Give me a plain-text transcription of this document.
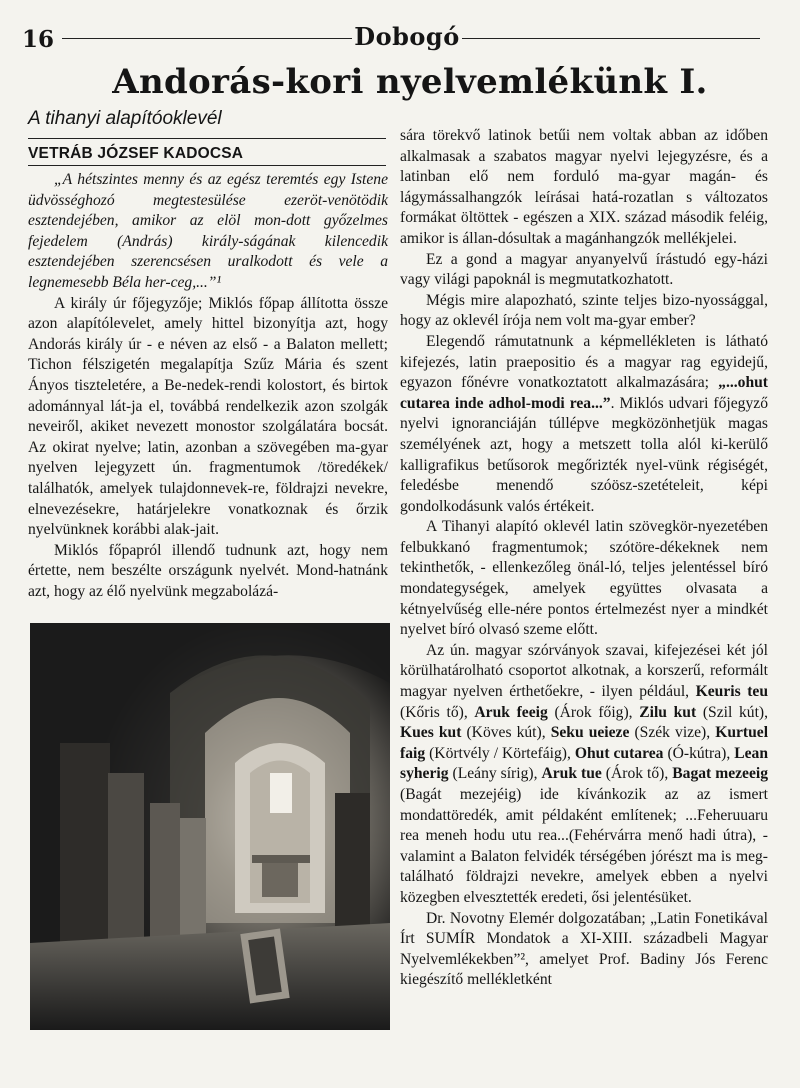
16	Dobogó
Andorás-kori nyelvemlékünk I.
A tihanyi alapítóoklevél
VETRÁB JÓZSEF KADOCSA

„A hétszintes menny és az egész teremtés egy Istene üdvösséghozó megtestesülése ezeröt-venötödik esztendejében, amikor az elöl mon-dott győzelmes fejedelem (András) király-ságának kilencedik esztendejében szerencsésen uralkodott és vele a legnemesebb Béla her-ceg,...”¹

A király úr főjegyzője; Miklós főpap állította össze azon alapítólevelet, amely hittel bizonyítja azt, hogy Andorás király úr - e néven az első - a Balaton mellett; Tichon félszigetén megalapítja Szűz Mária és szent Ányos tiszteletére, a Be-nedek-rendi kolostort, és birtok adománnyal lát-ja el, továbbá rendelkezik azon szolgák neveiről, akiket nevezett monostor szolgálatára bocsát. Az okirat nyelve; latin, azonban a szövegében ma-gyar nyelven lejegyzett ún. fragmentumok /töredékek/ találhatók, amelyek tulajdonnevek-re, földrajzi nevekre, elnevezésekre, határjelekre vonatkoznak és őrzik nyelvünknek korábbi alak-jait.

Miklós főpapról illendő tudnunk azt, hogy nem értette, nem beszélte országunk nyelvét. Mond-hatnánk azt, hogy az élő nyelvünk megzabolázá-

sára törekvő latinok betűi nem voltak abban az időben alkalmasak a szabatos magyar nyelvi lejegyzésre, és a latinban elő nem forduló ma-gyar magán- és lágymássalhangzók leírásai hatá-rozatlan s változatos formákat öltöttek - egészen a XIX. század második feléig, amikor is állan-dósultak a magánhangzók mellékjelei.

Ez a gond a magyar anyanyelvű írástudó egy-házi vagy világi papoknál is megmutatkozhatott.

Mégis mire alapozható, szinte teljes bizo-nyossággal, hogy az oklevél írója nem volt ma-gyar ember?

Elegendő rámutatnunk a képmellékleten is látható kifejezés, latin praepositio és a magyar rag egyidejű, egyazon főnévre vonatkoztatott alkalmazására; „...ohut cutarea inde adhol-modi rea...”. Miklós udvari főjegyző nyelvi ignoranciáján túllépve megközönhetjük magas személyének azt, hogy a metszett tolla alól ki-kerülő kalligrafikus betűsorok megőrizték nyel-vünk régiségét, feledésbe menendő szóösz-szetételeit, képi gondolkodásunk valós értékeit.

A Tihanyi alapító oklevél latin szövegkör-nyezetében felbukkanó fragmentumok; szótöre-dékeknek nem tekinthetők, - ellenkezőleg önál-ló, teljes jelentéssel bíró mondategységek, amelyek együttes olvasata a kétnyelvűség elle-nére pontos értelmezést nyer a mindkét nyelvet bíró olvasó szeme előtt.

Az ún. magyar szórványok szavai, kifejezései két jól körülhatárolható csoportot alkotnak, a korszerű, reformált magyar nyelven érthetőekre, - ilyen például, Keuris teu (Kőris tő), Aruk feeig (Árok főig), Zilu kut (Szil kút), Kues kut (Köves kút), Seku ueieze (Szék vize), Kurtuel faig (Körtvély / Körtefáig), Ohut cutarea (Ó-kútra), Lean syherig (Leány sírig), Aruk tue (Árok tő), Bagat mezeeig (Bagát mezejéig) ide kívánkozik az az ismert mondattöredék, amit példaként említenek; ...Feheruuaru rea meneh hodu utu rea...(Fehérvárra menő hadi útra), - valamint a Balaton felvidék térségében jórészt ma is meg-található földrajzi nevekre, amelyek ebben a nyelvi közegben elvesztették eredeti, ősi jelentésüket.

Dr. Novotny Elemér dolgozatában; „Latin Fonetikával Írt SUMÍR Mondatok a XI-XIII. századbeli Magyar Nyelvemlékekben”², amelyet Prof. Badiny Jós Ferenc kiegészítő mellékletként
